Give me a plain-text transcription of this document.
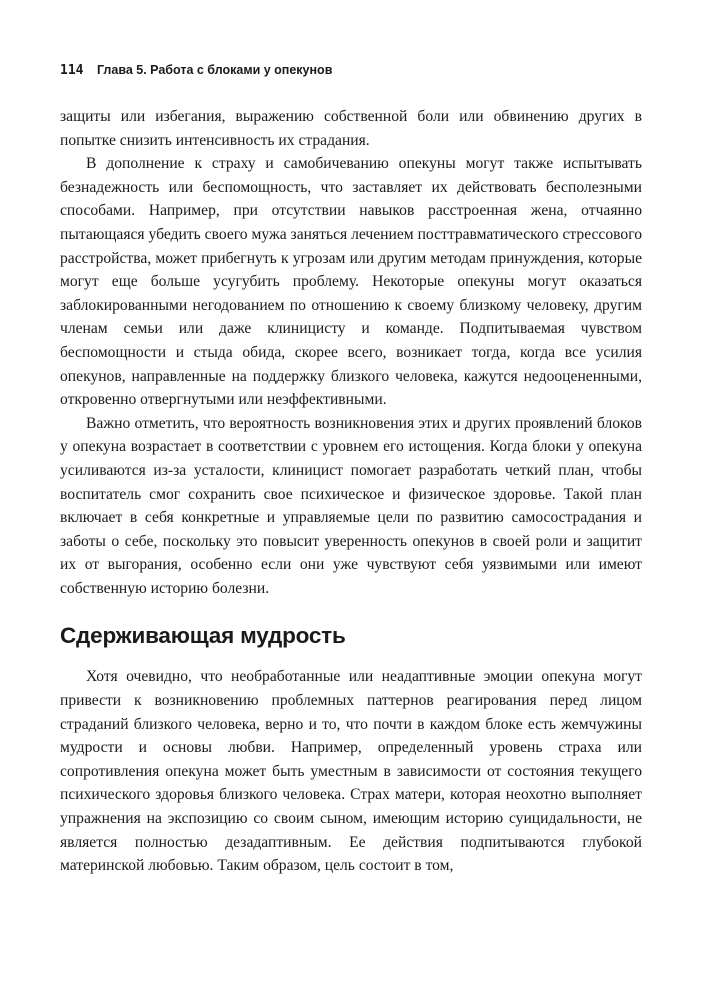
114 Глава 5. Работа с блоками у опекунов

защиты или избегания, выражению собственной боли или обвинению других в попытке снизить интенсивность их страдания.

В дополнение к страху и самобичеванию опекуны могут также испытывать безнадежность или беспомощность, что заставляет их действовать бесполезными способами. Например, при отсутствии навыков расстроенная жена, отчаянно пытающаяся убедить своего мужа заняться лечением посттравматического стрессового расстройства, может прибегнуть к угрозам или другим методам принуждения, которые могут еще больше усугубить проблему. Некоторые опекуны могут оказаться заблокированными негодованием по отношению к своему близкому человеку, другим членам семьи или даже клиницисту и команде. Подпитываемая чувством беспомощности и стыда обида, скорее всего, возникает тогда, когда все усилия опекунов, направленные на поддержку близкого человека, кажутся недооцененными, откровенно отвергнутыми или неэффективными.

Важно отметить, что вероятность возникновения этих и других проявлений блоков у опекуна возрастает в соответствии с уровнем его истощения. Когда блоки у опекуна усиливаются из-за усталости, клиницист помогает разработать четкий план, чтобы воспитатель смог сохранить свое психическое и физическое здоровье. Такой план включает в себя конкретные и управляемые цели по развитию самосострадания и заботы о себе, поскольку это повысит уверенность опекунов в своей роли и защитит их от выгорания, особенно если они уже чувствуют себя уязвимыми или имеют собственную историю болезни.

Сдерживающая мудрость

Хотя очевидно, что необработанные или неадаптивные эмоции опекуна могут привести к возникновению проблемных паттернов реагирования перед лицом страданий близкого человека, верно и то, что почти в каждом блоке есть жемчужины мудрости и основы любви. Например, определенный уровень страха или сопротивления опекуна может быть уместным в зависимости от состояния текущего психического здоровья близкого человека. Страх матери, которая неохотно выполняет упражнения на экспозицию со своим сыном, имеющим историю суицидальности, не является полностью дезадаптивным. Ее действия подпитываются глубокой материнской любовью. Таким образом, цель состоит в том,
